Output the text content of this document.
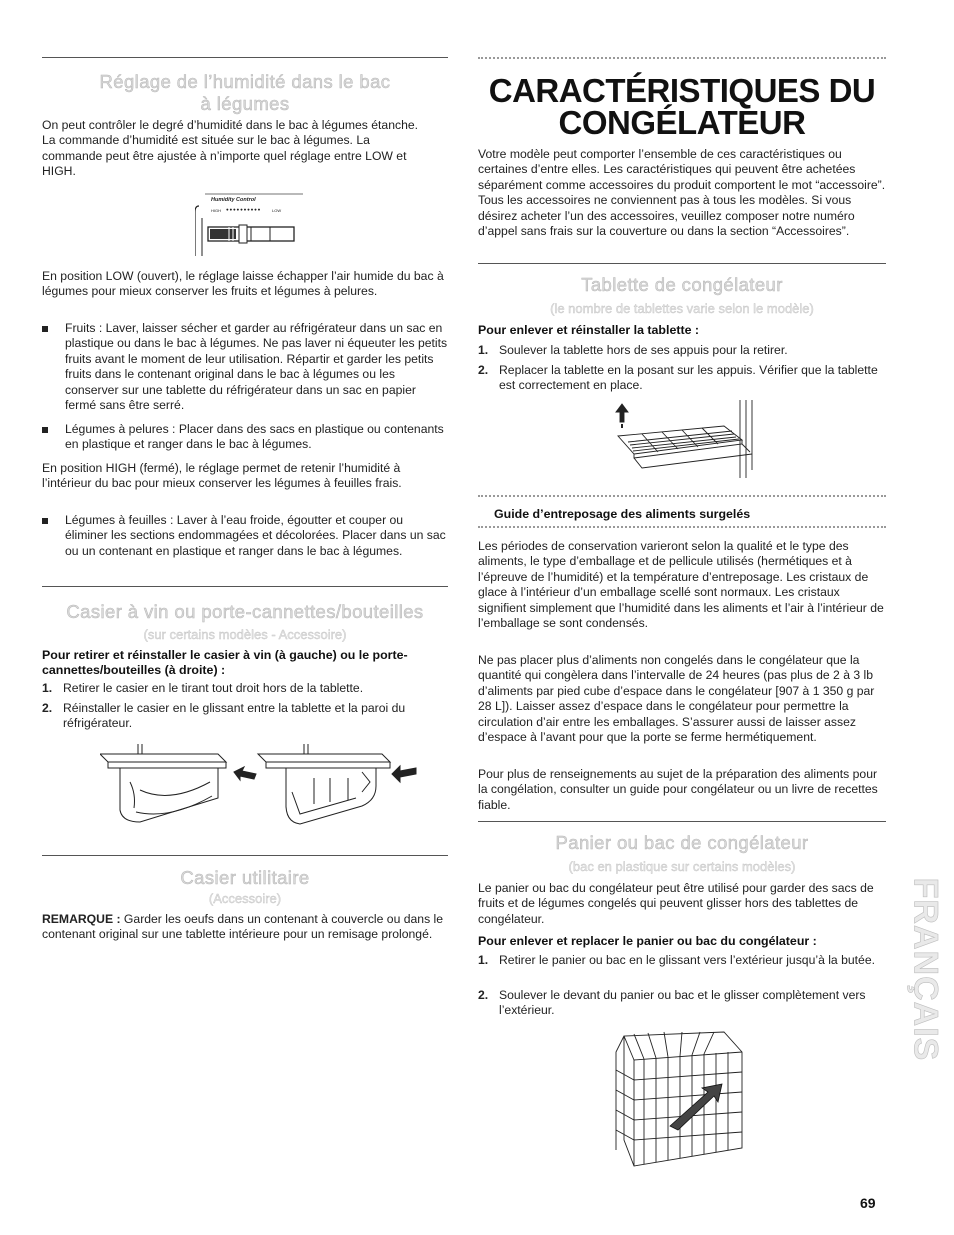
Réglage de l’humidité dans le bac
à légumes
On peut contrôler le degré d’humidité dans le bac à légumes étanche. La commande d’humidité est située sur le bac à légumes. La commande peut être ajustée à n’importe quel réglage entre LOW et HIGH.
Humidity Control
HIGH ●●●●●●●●●●	LOW
En position LOW (ouvert), le réglage laisse échapper l’air humide du bac à légumes pour mieux conserver les fruits et légumes à pelures.
Fruits : Laver, laisser sécher et garder au réfrigérateur dans un sac en plastique ou dans le bac à légumes. Ne pas laver ni équeuter les petits fruits avant le moment de leur utilisation. Répartir et garder les petits fruits dans le contenant original dans le bac à légumes ou les conserver sur une tablette du réfrigérateur dans un sac en papier fermé sans être serré.
Légumes à pelures : Placer dans des sacs en plastique ou contenants en plastique et ranger dans le bac à légumes.
En position HIGH (fermé), le réglage permet de retenir l’humidité à l’intérieur du bac pour mieux conserver les légumes à feuilles frais.
Légumes à feuilles : Laver à l’eau froide, égoutter et couper ou éliminer les sections endommagées et décolorées. Placer dans un sac ou un contenant en plastique et ranger dans le bac à légumes.
Casier à vin ou porte-cannettes/bouteilles
(sur certains modèles - Accessoire)
Pour retirer et réinstaller le casier à vin (à gauche) ou le porte-cannettes/bouteilles (à droite) :
1. Retirer le casier en le tirant tout droit hors de la tablette.
2. Réinstaller le casier en le glissant entre la tablette et la paroi du réfrigérateur.
Casier utilitaire
(Accessoire)
REMARQUE : Garder les oeufs dans un contenant à couvercle ou dans le contenant original sur une tablette intérieure pour un remisage prolongé.
CARACTÉRISTIQUES DU
CONGÉLATEUR
Votre modèle peut comporter l’ensemble de ces caractéristiques ou certaines d’entre elles. Les caractéristiques qui peuvent être achetées séparément comme accessoires du produit comportent le mot “accessoire”. Tous les accessoires ne conviennent pas à tous les modèles. Si vous désirez acheter l’un des accessoires, veuillez composer notre numéro d’appel sans frais sur la couverture ou dans la section “Accessoires”.
Tablette de congélateur
(le nombre de tablettes varie selon le modèle)
Pour enlever et réinstaller la tablette :
1. Soulever la tablette hors de ses appuis pour la retirer.
2. Replacer la tablette en la posant sur les appuis. Vérifier que la tablette est correctement en place.
Guide d’entreposage des aliments surgelés
Les périodes de conservation varieront selon la qualité et le type des aliments, le type d’emballage et de pellicule utilisés (hermétiques et à l’épreuve de l’humidité) et la température d’entreposage. Les cristaux de glace à l’intérieur d’un emballage scellé sont normaux. Les cristaux signifient simplement que l’humidité dans les aliments et l’air à l’intérieur de l’emballage se sont condensés.
Ne pas placer plus d’aliments non congelés dans le congélateur que la quantité qui congèlera dans l’intervalle de 24 heures (pas plus de 2 à 3 lb d’aliments par pied cube d’espace dans le congélateur [907 à 1 350 g par 28 L]). Laisser assez d’espace dans le congélateur pour permettre la circulation d’air entre les emballages. S’assurer aussi de laisser assez d’espace à l’avant pour que la porte se ferme hermétiquement.
Pour plus de renseignements au sujet de la préparation des aliments pour la congélation, consulter un guide pour congélateur ou un livre de recettes fiable.
Panier ou bac de congélateur
(bac en plastique sur certains modèles)
Le panier ou bac du congélateur peut être utilisé pour garder des sacs de fruits et de légumes congelés qui peuvent glisser hors des tablettes de congélateur.
Pour enlever et replacer le panier ou bac du congélateur :
1. Retirer le panier ou bac en le glissant vers l’extérieur jusqu’à la butée.
2. Soulever le devant du panier ou bac et le glisser complètement vers l’extérieur.	FRANÇAIS
69
